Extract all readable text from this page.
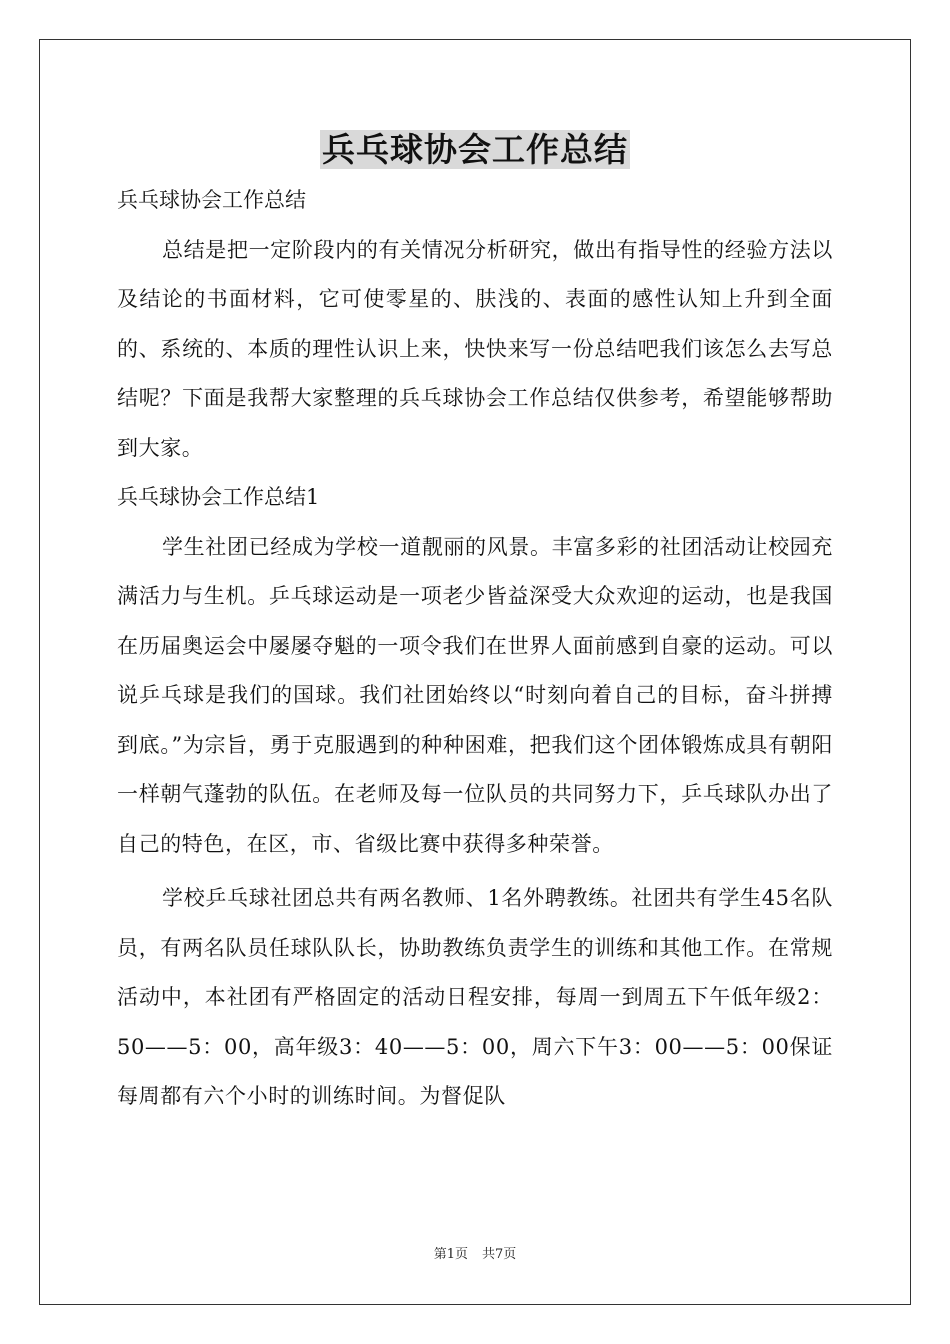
兵乓球协会工作总结

兵乓球协会工作总结

总结是把一定阶段内的有关情况分析研究，做出有指导性的经验方法以及结论的书面材料，它可使零星的、肤浅的、表面的感性认知上升到全面的、系统的、本质的理性认识上来，快快来写一份总结吧我们该怎么去写总结呢？下面是我帮大家整理的兵乓球协会工作总结仅供参考，希望能够帮助到大家。

兵乓球协会工作总结1

学生社团已经成为学校一道靓丽的风景。丰富多彩的社团活动让校园充满活力与生机。乒乓球运动是一项老少皆益深受大众欢迎的运动，也是我国在历届奥运会中屡屡夺魁的一项令我们在世界人面前感到自豪的运动。可以说乒乓球是我们的国球。我们社团始终以“时刻向着自己的目标，奋斗拼搏到底。”为宗旨，勇于克服遇到的种种困难，把我们这个团体锻炼成具有朝阳一样朝气蓬勃的队伍。在老师及每一位队员的共同努力下，乒乓球队办出了自己的特色，在区，市、省级比赛中获得多种荣誉。

学校乒乓球社团总共有两名教师、1名外聘教练。社团共有学生45名队员，有两名队员任球队队长，协助教练负责学生的训练和其他工作。在常规活动中，本社团有严格固定的活动日程安排，每周一到周五下午低年级2：50——5：00，高年级3：40——5：00，周六下午3：00——5：00保证每周都有六个小时的训练时间。为督促队

第1页 共7页
